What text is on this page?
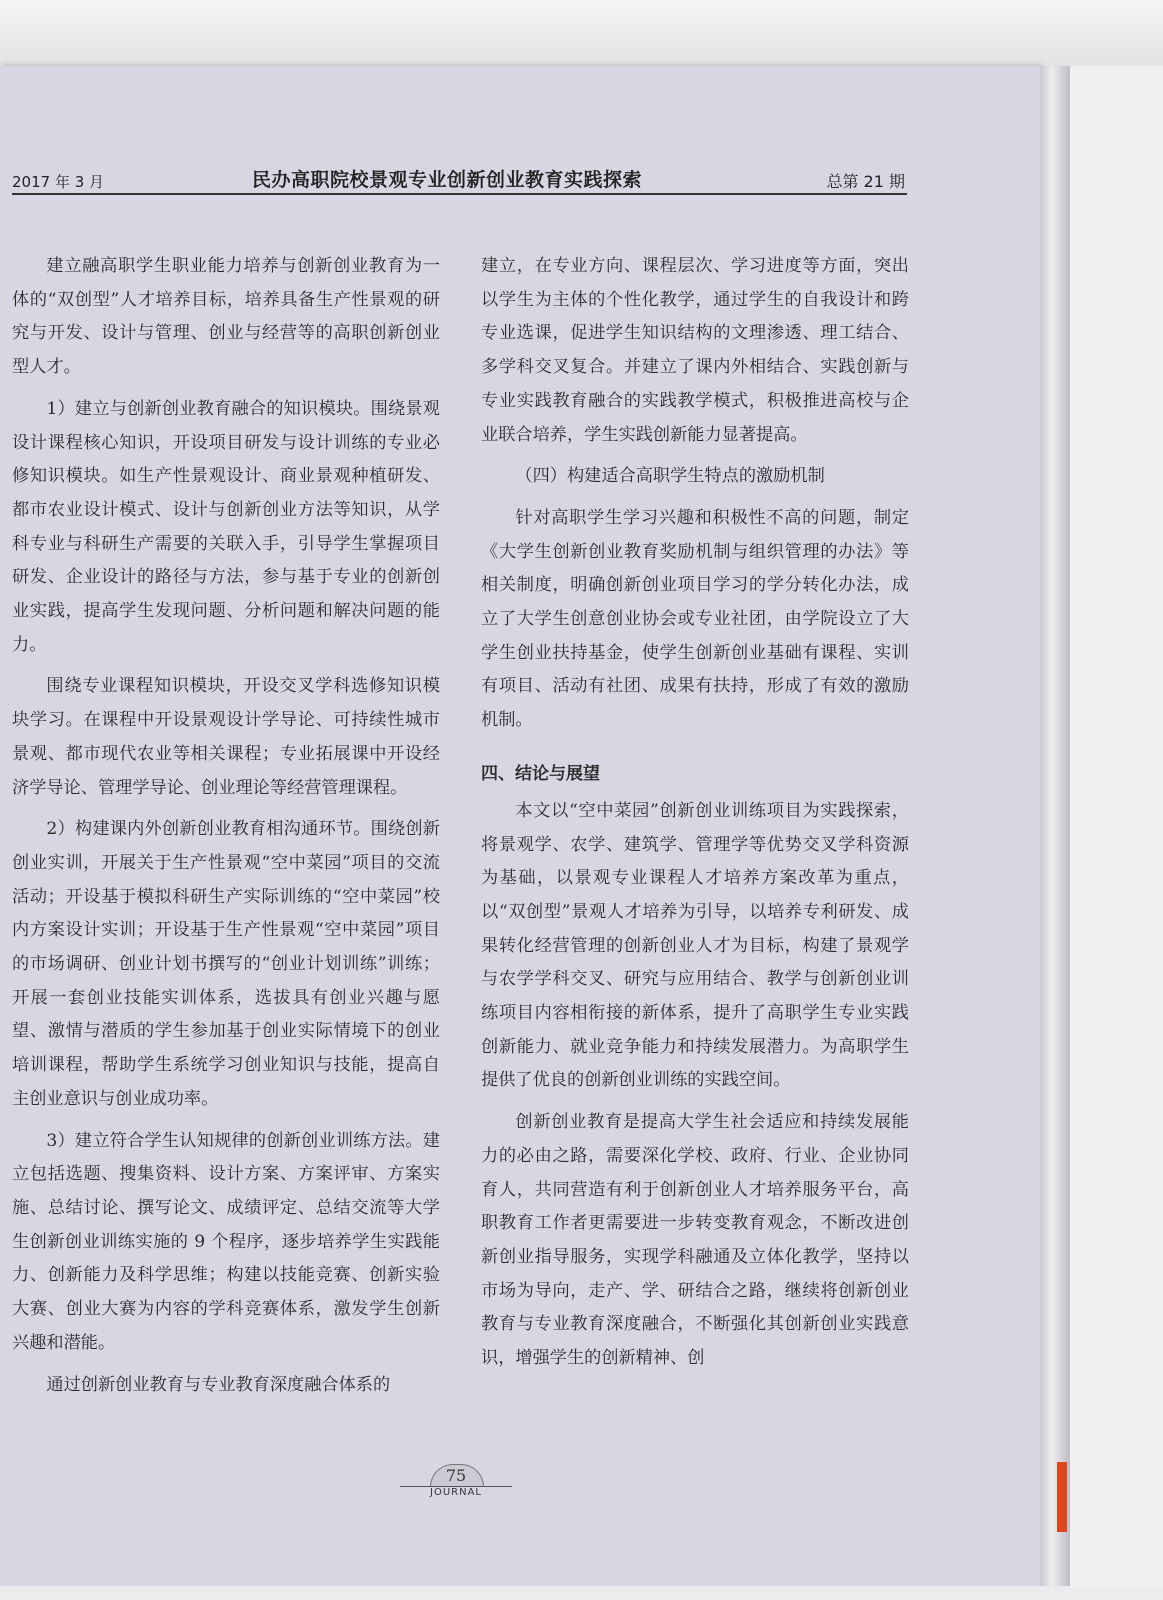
2017 年 3 月	民办高职院校景观专业创新创业教育实践探索	总第 21 期

建立融高职学生职业能力培养与创新创业教育为一体的“双创型”人才培养目标，培养具备生产性景观的研究与开发、设计与管理、创业与经营等的高职创新创业型人才。

1）建立与创新创业教育融合的知识模块。围绕景观设计课程核心知识，开设项目研发与设计训练的专业必修知识模块。如生产性景观设计、商业景观种植研发、都市农业设计模式、设计与创新创业方法等知识，从学科专业与科研生产需要的关联入手，引导学生掌握项目研发、企业设计的路径与方法，参与基于专业的创新创业实践，提高学生发现问题、分析问题和解决问题的能力。

围绕专业课程知识模块，开设交叉学科选修知识模块学习。在课程中开设景观设计学导论、可持续性城市景观、都市现代农业等相关课程；专业拓展课中开设经济学导论、管理学导论、创业理论等经营管理课程。

2）构建课内外创新创业教育相沟通环节。围绕创新创业实训，开展关于生产性景观“空中菜园”项目的交流活动；开设基于模拟科研生产实际训练的“空中菜园”校内方案设计实训；开设基于生产性景观“空中菜园”项目的市场调研、创业计划书撰写的“创业计划训练”训练；开展一套创业技能实训体系，选拔具有创业兴趣与愿望、激情与潜质的学生参加基于创业实际情境下的创业培训课程，帮助学生系统学习创业知识与技能，提高自主创业意识与创业成功率。

3）建立符合学生认知规律的创新创业训练方法。建立包括选题、搜集资料、设计方案、方案评审、方案实施、总结讨论、撰写论文、成绩评定、总结交流等大学生创新创业训练实施的 9 个程序，逐步培养学生实践能力、创新能力及科学思维；构建以技能竞赛、创新实验大赛、创业大赛为内容的学科竞赛体系，激发学生创新兴趣和潜能。

通过创新创业教育与专业教育深度融合体系的

建立，在专业方向、课程层次、学习进度等方面，突出以学生为主体的个性化教学，通过学生的自我设计和跨专业选课，促进学生知识结构的文理渗透、理工结合、多学科交叉复合。并建立了课内外相结合、实践创新与专业实践教育融合的实践教学模式，积极推进高校与企业联合培养，学生实践创新能力显著提高。

（四）构建适合高职学生特点的激励机制

针对高职学生学习兴趣和积极性不高的问题，制定《大学生创新创业教育奖励机制与组织管理的办法》等相关制度，明确创新创业项目学习的学分转化办法，成立了大学生创意创业协会或专业社团，由学院设立了大学生创业扶持基金，使学生创新创业基础有课程、实训有项目、活动有社团、成果有扶持，形成了有效的激励机制。

四、结论与展望

本文以“空中菜园”创新创业训练项目为实践探索，将景观学、农学、建筑学、管理学等优势交叉学科资源为基础，以景观专业课程人才培养方案改革为重点，以“双创型”景观人才培养为引导，以培养专利研发、成果转化经营管理的创新创业人才为目标，构建了景观学与农学学科交叉、研究与应用结合、教学与创新创业训练项目内容相衔接的新体系，提升了高职学生专业实践创新能力、就业竞争能力和持续发展潜力。为高职学生提供了优良的创新创业训练的实践空间。

创新创业教育是提高大学生社会适应和持续发展能力的必由之路，需要深化学校、政府、行业、企业协同育人，共同营造有利于创新创业人才培养服务平台，高职教育工作者更需要进一步转变教育观念，不断改进创新创业指导服务，实现学科融通及立体化教学，坚持以市场为导向，走产、学、研结合之路，继续将创新创业教育与专业教育深度融合，不断强化其创新创业实践意识，增强学生的创新精神、创

75
JOURNAL
